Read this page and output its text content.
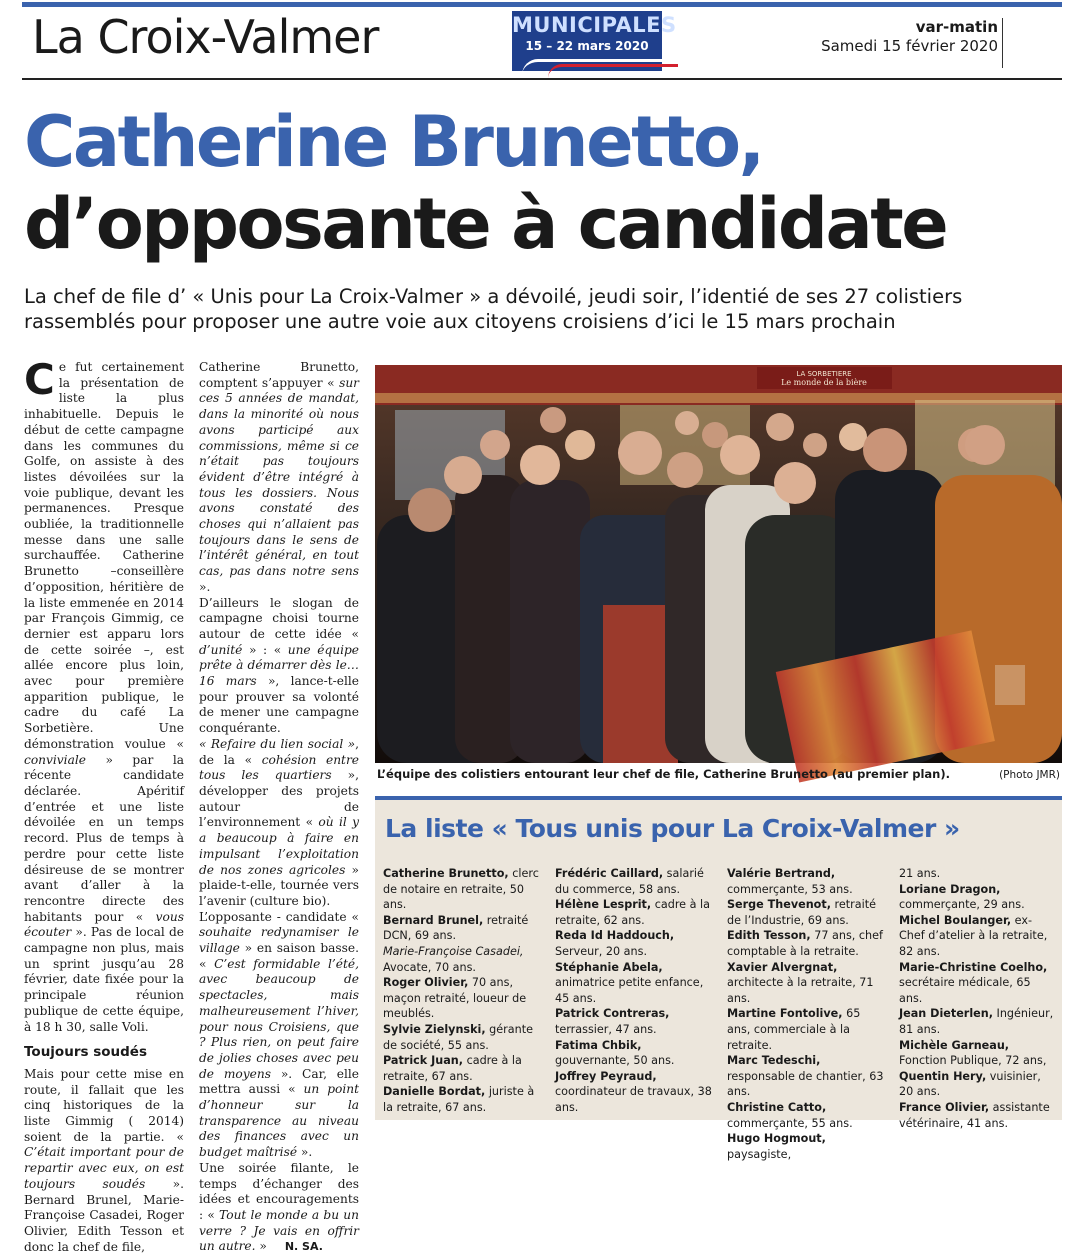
La Croix-Valmer	MUNICIPALES
15 – 22 mars 2020
var-matin
Samedi 15 février 2020
Catherine Brunetto,
d’opposante à candidate
La chef de file d’ « Unis pour La Croix-Valmer » a dévoilé, jeudi soir, l’identié de ses 27 colistiers rassemblés pour proposer une autre voie aux citoyens croisiens d’ici le 15 mars prochain

Ce fut certainement la présentation de liste la plus inhabituelle. Depuis le début de cette campagne dans les communes du Golfe, on assiste à des listes dévoilées sur la voie publique, devant les permanences. Presque oubliée, la traditionnelle messe dans une salle surchauffée. Catherine Brunetto –conseillère d’opposition, héritière de la liste emmenée en 2014 par François Gimmig, ce dernier est apparu lors de cette soirée –, est allée encore plus loin, avec pour première apparition publique, le cadre du café La Sorbetière. Une démonstration voulue « conviviale » par la récente candidate déclarée. Apéritif d’entrée et une liste dévoilée en un temps record. Plus de temps à perdre pour cette liste désireuse de se montrer avant d’aller à la rencontre directe des habitants pour « vous écouter ». Pas de local de campagne non plus, mais un sprint jusqu’au 28 février, date fixée pour la principale réunion publique de cette équipe, à 18 h 30, salle Voli.

Toujours soudés

Mais pour cette mise en route, il fallait que les cinq historiques de la liste Gimmig ( 2014) soient de la partie. « C’était important pour de repartir avec eux, on est toujours soudés ». Bernard Brunel, Marie-Françoise Casadei, Roger Olivier, Edith Tesson et donc la chef de file,

Catherine Brunetto, comptent s’appuyer « sur ces 5 années de mandat, dans la minorité où nous avons participé aux commissions, même si ce n’était pas toujours évident d’être intégré à tous les dossiers. Nous avons constaté des choses qui n’allaient pas toujours dans le sens de l’intérêt général, en tout cas, pas dans notre sens ».

D’ailleurs le slogan de campagne choisi tourne autour de cette idée « d’unité » : « une équipe prête à démarrer dès le…16 mars », lance-t-elle pour prouver sa volonté de mener une campagne conquérante.

« Refaire du lien social », de la « cohésion entre tous les quartiers », développer des projets autour de l’environnement « où il y a beaucoup à faire en impulsant l’exploitation de nos zones agricoles » plaide-t-elle, tournée vers l’avenir (culture bio).

L’opposante - candidate « souhaite redynamiser le village » en saison basse. « C’est formidable l’été, avec beaucoup de spectacles, mais malheureusement l’hiver, pour nous Croisiens, que ? Plus rien, on peut faire de jolies choses avec peu de moyens ». Car, elle mettra aussi « un point d’honneur sur la transparence au niveau des finances avec un budget maîtrisé ».

Une soirée filante, le temps d’échanger des idées et encouragements : « Tout le monde a bu un verre ? Je vais en offrir un autre. » N. SA.

LA SORBETIERE
Le monde de la bière
L’équipe des colistiers entourant leur chef de file, Catherine Brunetto (au premier plan).	(Photo JMR)
La liste « Tous unis pour La Croix-Valmer »
Catherine Brunetto, clerc de notaire en retraite, 50 ans.
Bernard Brunel, retraité DCN, 69 ans.
Marie-Françoise Casadei, Avocate, 70 ans.
Roger Olivier, 70 ans, maçon retraité, loueur de meublés.
Sylvie Zielynski, gérante de société, 55 ans.
Patrick Juan, cadre à la retraite, 67 ans.
Danielle Bordat, juriste à la retraite, 67 ans.
Frédéric Caillard, salarié du commerce, 58 ans.
Hélène Lesprit, cadre à la retraite, 62 ans.
Reda Id Haddouch, Serveur, 20 ans.
Stéphanie Abela, animatrice petite enfance, 45 ans.
Patrick Contreras, terrassier, 47 ans.
Fatima Chbik, gouvernante, 50 ans.
Joffrey Peyraud, coordinateur de travaux, 38 ans.
Valérie Bertrand, commerçante, 53 ans.
Serge Thevenot, retraité de l’Industrie, 69 ans.
Edith Tesson, 77 ans, chef comptable à la retraite.
Xavier Alvergnat, architecte à la retraite, 71 ans.
Martine Fontolive, 65 ans, commerciale à la retraite.
Marc Tedeschi, responsable de chantier, 63 ans.
Christine Catto, commerçante, 55 ans.
Hugo Hogmout, paysagiste,
21 ans.
Loriane Dragon, commerçante, 29 ans.
Michel Boulanger, ex-Chef d’atelier à la retraite, 82 ans.
Marie-Christine Coelho, secrétaire médicale, 65 ans.
Jean Dieterlen, Ingénieur, 81 ans.
Michèle Garneau, Fonction Publique, 72 ans,
Quentin Hery, vuisinier, 20 ans.
France Olivier, assistante vétérinaire, 41 ans.
